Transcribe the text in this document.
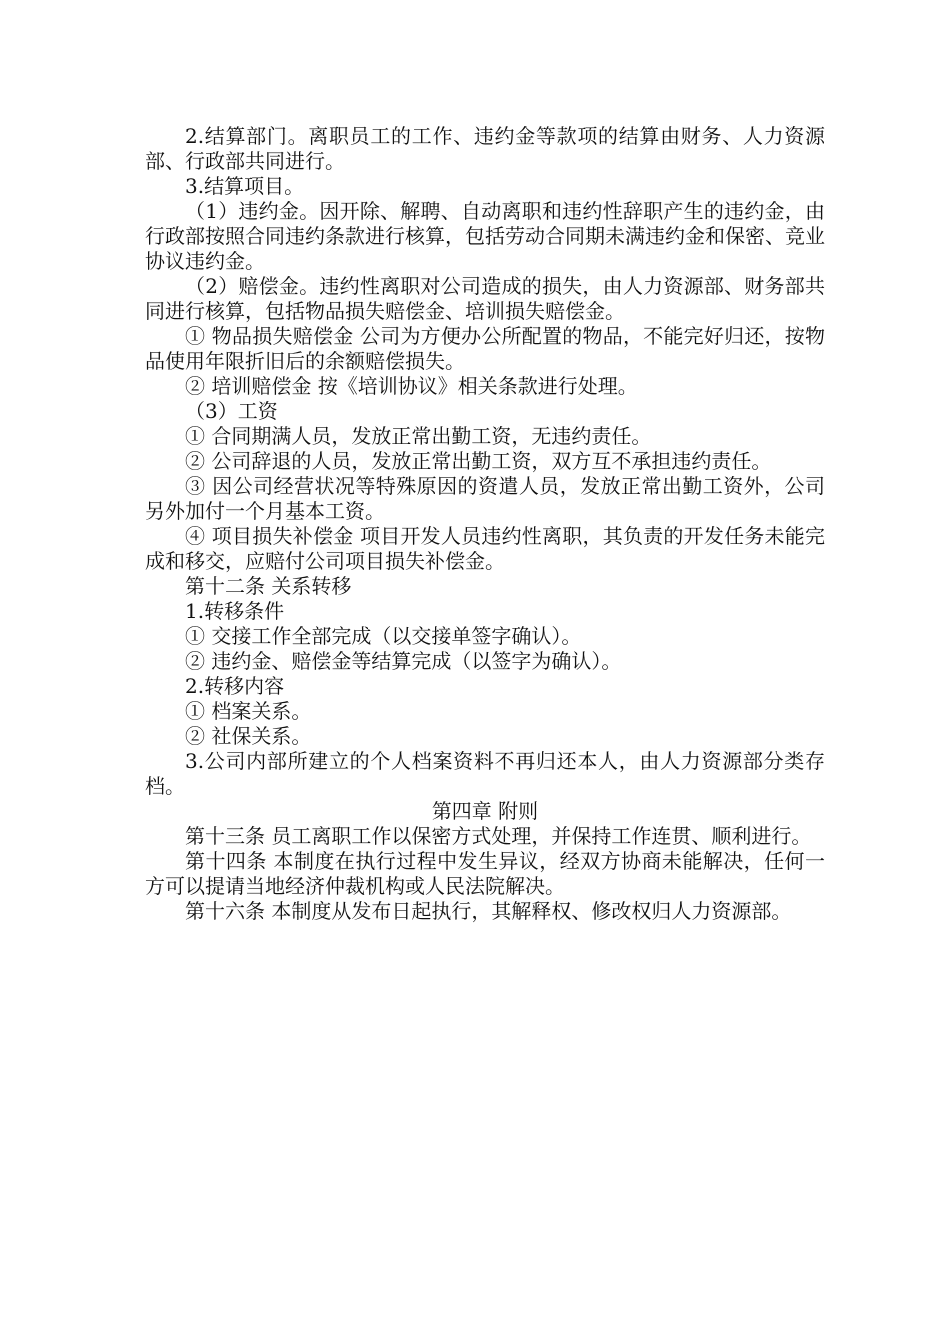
2.结算部门。离职员工的工作、违约金等款项的结算由财务、人力资源部、行政部共同进行。

3.结算项目。

（1）违约金。因开除、解聘、自动离职和违约性辞职产生的违约金，由行政部按照合同违约条款进行核算，包括劳动合同期未满违约金和保密、竞业协议违约金。

（2）赔偿金。违约性离职对公司造成的损失，由人力资源部、财务部共同进行核算，包括物品损失赔偿金、培训损失赔偿金。

① 物品损失赔偿金 公司为方便办公所配置的物品，不能完好归还，按物品使用年限折旧后的余额赔偿损失。

② 培训赔偿金 按《培训协议》相关条款进行处理。

（3）工资

① 合同期满人员，发放正常出勤工资，无违约责任。

② 公司辞退的人员，发放正常出勤工资，双方互不承担违约责任。

③ 因公司经营状况等特殊原因的资遣人员，发放正常出勤工资外，公司另外加付一个月基本工资。

④ 项目损失补偿金 项目开发人员违约性离职，其负责的开发任务未能完成和移交，应赔付公司项目损失补偿金。

第十二条 关系转移

1.转移条件

① 交接工作全部完成（以交接单签字确认）。

② 违约金、赔偿金等结算完成（以签字为确认）。

2.转移内容

① 档案关系。

② 社保关系。

3.公司内部所建立的个人档案资料不再归还本人，由人力资源部分类存档。

第四章 附则

第十三条 员工离职工作以保密方式处理，并保持工作连贯、顺利进行。

第十四条 本制度在执行过程中发生异议，经双方协商未能解决，任何一方可以提请当地经济仲裁机构或人民法院解决。

第十六条 本制度从发布日起执行，其解释权、修改权归人力资源部。
